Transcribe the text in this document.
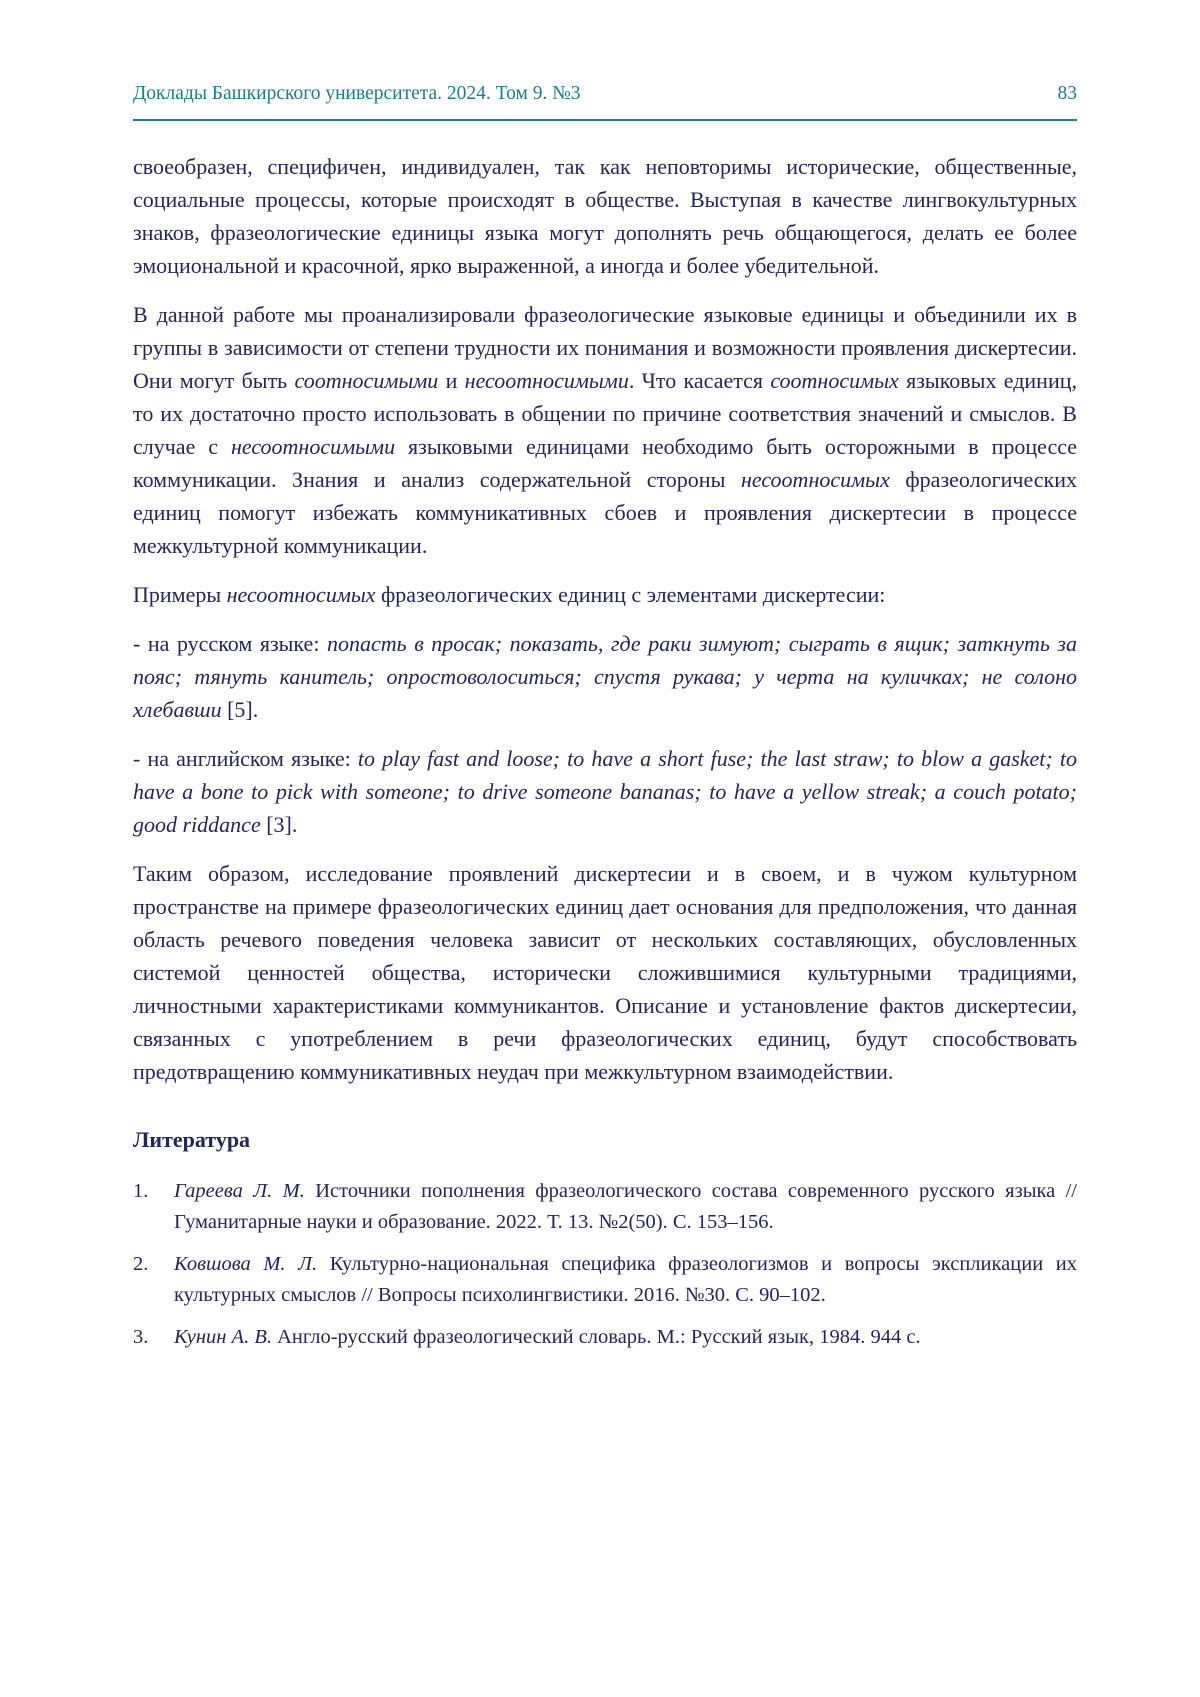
Доклады Башкирского университета. 2024. Том 9. №3	83

своеобразен, специфичен, индивидуален, так как неповторимы исторические, общественные, социальные процессы, которые происходят в обществе. Выступая в качестве лингвокультурных знаков, фразеологические единицы языка могут дополнять речь общающегося, делать ее более эмоциональной и красочной, ярко выраженной, а иногда и более убедительной.

В данной работе мы проанализировали фразеологические языковые единицы и объединили их в группы в зависимости от степени трудности их понимания и возможности проявления дискертесии. Они могут быть соотносимыми и несоотносимыми. Что касается соотносимых языковых единиц, то их достаточно просто использовать в общении по причине соответствия значений и смыслов. В случае с несоотносимыми языковыми единицами необходимо быть осторожными в процессе коммуникации. Знания и анализ содержательной стороны несоотносимых фразеологических единиц помогут избежать коммуникативных сбоев и проявления дискертесии в процессе межкультурной коммуникации.

Примеры несоотносимых фразеологических единиц с элементами дискертесии:

- на русском языке: попасть в просак; показать, где раки зимуют; сыграть в ящик; заткнуть за пояс; тянуть канитель; опростоволоситься; спустя рукава; у черта на куличках; не солоно хлебавши [5].

- на английском языке: to play fast and loose; to have a short fuse; the last straw; to blow a gasket; to have a bone to pick with someone; to drive someone bananas; to have a yellow streak; a couch potato; good riddance [3].

Таким образом, исследование проявлений дискертесии и в своем, и в чужом культурном пространстве на примере фразеологических единиц дает основания для предположения, что данная область речевого поведения человека зависит от нескольких составляющих, обусловленных системой ценностей общества, исторически сложившимися культурными традициями, личностными характеристиками коммуникантов. Описание и установление фактов дискертесии, связанных с употреблением в речи фразеологических единиц, будут способствовать предотвращению коммуникативных неудач при межкультурном взаимодействии.

Литература
1.	Гареева Л. М. Источники пополнения фразеологического состава современного русского языка // Гуманитарные науки и образование. 2022. Т. 13. №2(50). С. 153–156.
2.	Ковшова М. Л. Культурно-национальная специфика фразеологизмов и вопросы экспликации их культурных смыслов // Вопросы психолингвистики. 2016. №30. С. 90–102.
3.	Кунин А. В. Англо-русский фразеологический словарь. М.: Русский язык, 1984. 944 с.
